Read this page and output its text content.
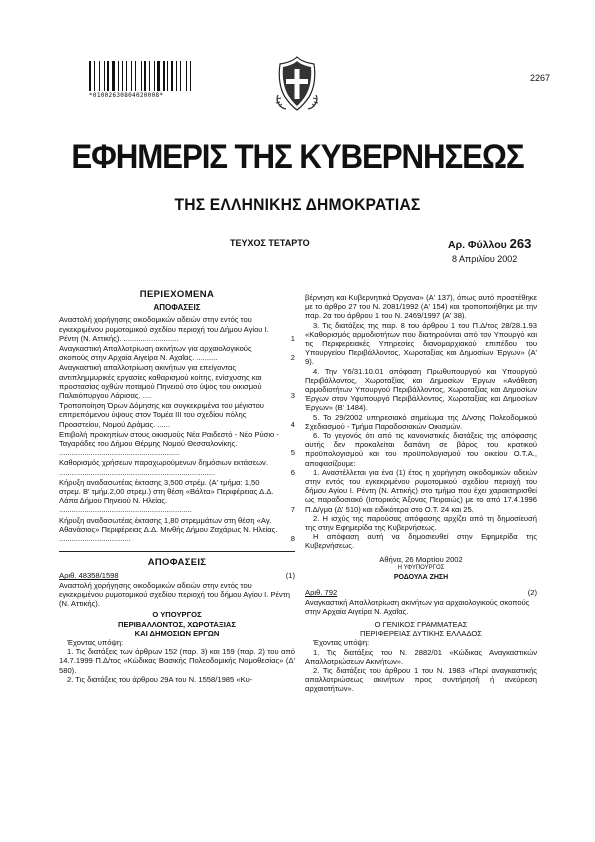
*01002630804020008*
2267
ΕΦΗΜΕΡΙΣ ΤΗΣ ΚΥΒΕΡΝΗΣΕΩΣ
ΤΗΣ ΕΛΛΗΝΙΚΗΣ ΔΗΜΟΚΡΑΤΙΑΣ
ΤΕΥΧΟΣ ΤΕΤΑΡΤΟ	Αρ. Φύλλου 263
8 Απριλίου 2002
ΠΕΡΙΕΧΟΜΕΝΑ
ΑΠΟΦΑΣΕΙΣ
Αναστολή χορήγησης οικοδομικών αδειών στην εντός του εγκεκριμένου ρυμοτομικού σχεδίου περιοχή του Δήμου Αγίου Ι. Ρέντη (Ν. Αττικής). ..........................	1
Αναγκαστική Απαλλοτρίωση ακινήτων για αρχαιολογικούς σκοπούς στην Αρχαία Αιγείρα Ν. Αχαΐας. ..........	2
Αναγκαστική απαλλοτρίωση ακινήτων για επείγοντας αντιπλημμυρικές εργασίες καθαρισμού κοίτης, ενίσχυσης και προστασίας οχθών ποταμού Πηνειού στο ύψος του οικισμού Παλαιόπυργου Λάρισας. ....	3
Τροποποίηση Όρων Δόμησης και συγκεκριμένα του μέγιστου επιτρεπόμενου ύψους στον Τομέα III του σχεδίου πόλης Προαστείου, Νομού Δράμας. ......	4
Επιβολή προκηπίων στους οικισμούς Νέα Ραιδεστό - Νέο Ρύσιο - Ταγαράδες του Δήμου Θέρμης Νομού Θεσσαλονίκης. .........................................................	5
Καθορισμός χρήσεων παραχωρούμενων δημόσιων εκτάσεων. ..........................................................................	6
Κήρυξη αναδασωτέας έκτασης 3,500 στρέμ. (Α' τμήμα: 1,50 στρεμ. Β' τμήμ.2,00 στρεμ.) στη θέση «Βάλτα» Περιφέρειας Δ.Δ. Λάπα Δήμου Πηνειού Ν. Ηλείας. ...............................................................	7
Κήρυξη αναδασωτέας έκτασης 1,80 στρεμμάτων στη θέση «Αγ. Αθανάσιος» Περιφέρειας Δ.Δ. Μινθής Δήμου Ζαχάρως Ν. Ηλείας. ..................................	8
ΑΠΟΦΑΣΕΙΣ
Αριθ. 48358/1598	(1)

Αναστολή χορήγησης οικοδομικών αδειών στην εντός του εγκεκριμένου ρυμοτομικού σχεδίου περιοχή του δήμου Αγίου Ι. Ρέντη (Ν. Αττικής).

Ο ΥΠΟΥΡΓΟΣ
ΠΕΡΙΒΑΛΛΟΝΤΟΣ, ΧΩΡΟΤΑΞΙΑΣ
ΚΑΙ ΔΗΜΟΣΙΩΝ ΕΡΓΩΝ

Έχοντας υπόψη:

1. Τις διατάξεις των άρθρων 152 (παρ. 3) και 159 (παρ. 2) του από 14.7.1999 Π.Δ/τος «Κώδικας Βασικής Πολεοδομικής Νομοθεσίας» (Δ' 580).

2. Τις διατάξεις του άρθρου 29Α του Ν. 1558/1985 «Κυ-

βέρνηση και Κυβερνητικά Όργανα» (Α' 137), όπως αυτό προστέθηκε με το άρθρο 27 του Ν. 2081/1992 (Α' 154) και τροποποιήθηκε με την παρ. 2α του άρθρου 1 του Ν. 2469/1997 (Α' 38).

3. Τις διατάξεις της παρ. 8 του άρθρου 1 του Π.Δ/τος 28/28.1.93 «Καθορισμός αρμοδιοτήτων που διατηρούνται από τον Υπουργό και τις Περιφερειακές Υπηρεσίες διανομαρχιακού επιπέδου του Υπουργείου Περιβάλλοντος, Χωροταξίας και Δημοσίων Έργων» (Α' 9).

4. Την Υ6/31.10.01 απόφαση Πρωθυπουργού και Υπουργού Περιβάλλοντος, Χωροταξίας και Δημοσίων Έργων «Ανάθεση αρμοδιοτήτων Υπουργού Περιβάλλοντος, Χωροταξίας και Δημοσίων Έργων στον Υφυπουργό Περιβάλλοντος, Χωροταξίας και Δημοσίων Έργων» (Β' 1484).

5. Το 29/2002 υπηρεσιακό σημείωμα της Δ/νσης Πολεοδομικού Σχεδιασμού - Τμήμα Παραδοσιακών Οικισμών.

6. Το γεγονός ότι από τις κανονιστικές διατάξεις της απόφασης αυτής δεν προκαλείται δαπάνη σε βάρος του κρατικού προϋπολογισμού και του προϋπολογισμού του οικείου Ο.Τ.Α., αποφασίζουμε:

1. Αναστέλλεται για ένα (1) έτος η χορήγηση οικοδομικών αδειών στην εντός του εγκεκριμένου ρυμοτομικού σχεδίου περιοχή του δήμου Αγίου Ι. Ρέντη (Ν. Αττικής) στο τμήμα που έχει χαρακτηρισθεί ως παραδοσιακό (Ιστορικός Άξονας Πειραιώς) με το από 17.4.1996 Π.Δ/γμα (Δ' 510) και ειδικότερα στο Ο.Τ. 24 και 25.

2. Η ισχύς της παρούσας απόφασης αρχίζει από τη δημοσίευσή της στην Εφημερίδα της Κυβερνήσεως.

Η απόφαση αυτή να δημοσιευθεί στην Εφημερίδα της Κυβερνήσεως.

Αθήνα, 26 Μαρτίου 2002
Η ΥΦΥΠΟΥΡΓΟΣ
ΡΟΔΟΥΛΑ ΖΗΣΗ
Αριθ. 792	(2)

Αναγκαστική Απαλλοτρίωση ακινήτων για αρχαιολογικούς σκοπούς στην Αρχαία Αιγείρα Ν. Αχαΐας.

Ο ΓΕΝΙΚΟΣ ΓΡΑΜΜΑΤΕΑΣ
ΠΕΡΙΦΕΡΕΙΑΣ ΔΥΤΙΚΗΣ ΕΛΛΑΔΟΣ

Έχοντας υπόψη:

1. Τις διατάξεις του Ν. 2882/01 «Κώδικας Αναγκαστικών Απαλλοτριώσεων Ακινήτων».

2. Τις διατάξεις του άρθρου 1 του Ν. 1983 «Περί αναγκαστικής απαλλοτριώσεως ακινήτων προς συντήρησή ή ανεύρεση αρχαιοτήτων».
